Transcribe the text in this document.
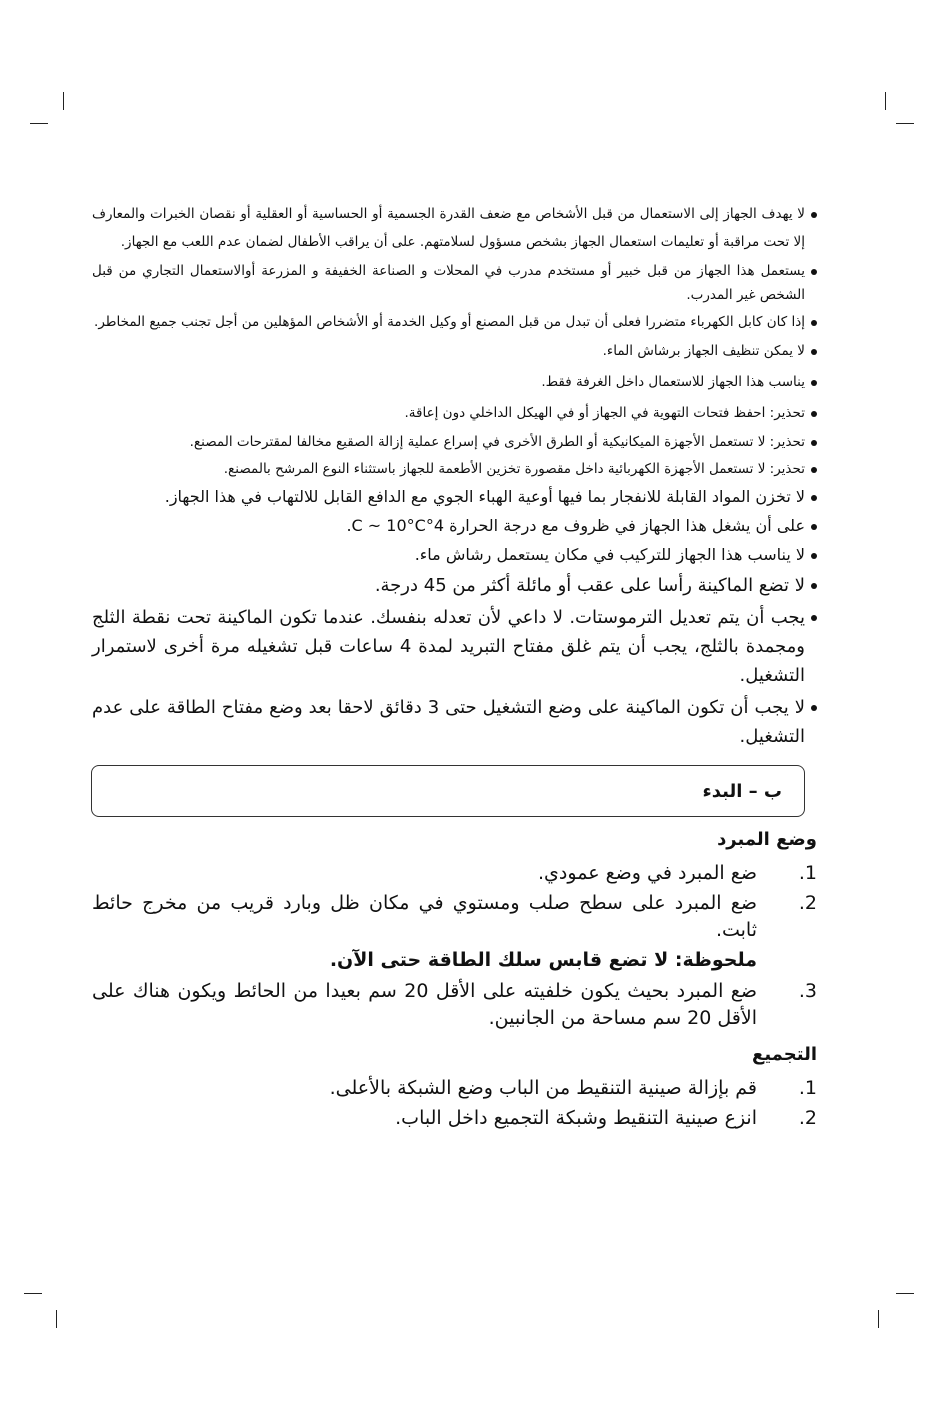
لا يهدف الجهاز إلى الاستعمال من قبل الأشخاص مع ضعف القدرة الجسمية أو الحساسية أو العقلية أو نقصان الخبرات والمعارف إلا تحت مراقبة أو تعليمات استعمال الجهاز بشخص مسؤول لسلامتهم. على أن يراقب الأطفال لضمان عدم اللعب مع الجهاز.
يستعمل هذا الجهاز من قبل خبير أو مستخدم مدرب في المحلات و الصناعة الخفيفة و المزرعة أوالاستعمال التجاري من قبل الشخص غير المدرب.
إذا كان كابل الكهرباء متضررا فعلى أن تبدل من قبل المصنع أو وكيل الخدمة أو الأشخاص المؤهلين من أجل تجنب جميع المخاطر.
لا يمكن تنظيف الجهاز برشاش الماء.
يناسب هذا الجهاز للاستعمال داخل الغرفة فقط.
تحذير: احفظ فتحات التهوية في الجهاز أو في الهيكل الداخلي دون إعاقة.
تحذير: لا تستعمل الأجهزة الميكانيكية أو الطرق الأخرى في إسراع عملية إزالة الصقيع مخالفا لمقترحات المصنع.
تحذير: لا تستعمل الأجهزة الكهربائية داخل مقصورة تخزين الأطعمة للجهاز باستثناء النوع المرشح بالمصنع.
لا تخزن المواد القابلة للانفجار بما فيها أوعية الهباء الجوي مع الدافع القابل للالتهاب في هذا الجهاز.
على أن يشغل هذا الجهاز في ظروف مع درجة الحرارة 4°C ~ 10°C.
لا يناسب هذا الجهاز للتركيب في مكان يستعمل رشاش ماء.
لا تضع الماكينة رأسا على عقب أو مائلة أكثر من 45 درجة.
يجب أن يتم تعديل الترموستات. لا داعي لأن تعدله بنفسك. عندما تكون الماكينة تحت نقطة الثلج ومجمدة بالثلج، يجب أن يتم غلق مفتاح التبريد لمدة 4 ساعات قبل تشغيله مرة أخرى لاستمرار التشغيل.
لا يجب أن تكون الماكينة على وضع التشغيل حتى 3 دقائق لاحقا بعد وضع مفتاح الطاقة على عدم التشغيل.
ب – البدء
وضع المبرد
1.
ضع المبرد في وضع عمودي.
2.
ضع المبرد على سطح صلب ومستوي في مكان ظل وبارد قريب من مخرج حائط ثابت.
ملحوظة: لا تضع قابس سلك الطاقة حتى الآن.
3.
ضع المبرد بحيث يكون خلفيته على الأقل 20 سم بعيدا من الحائط ويكون هناك على الأقل 20 سم مساحة من الجانبين.
التجميع
1.
قم بإزالة صينية التنقيط من الباب وضع الشبكة بالأعلى.
2.
انزع صينية التنقيط وشبكة التجميع داخل الباب.
